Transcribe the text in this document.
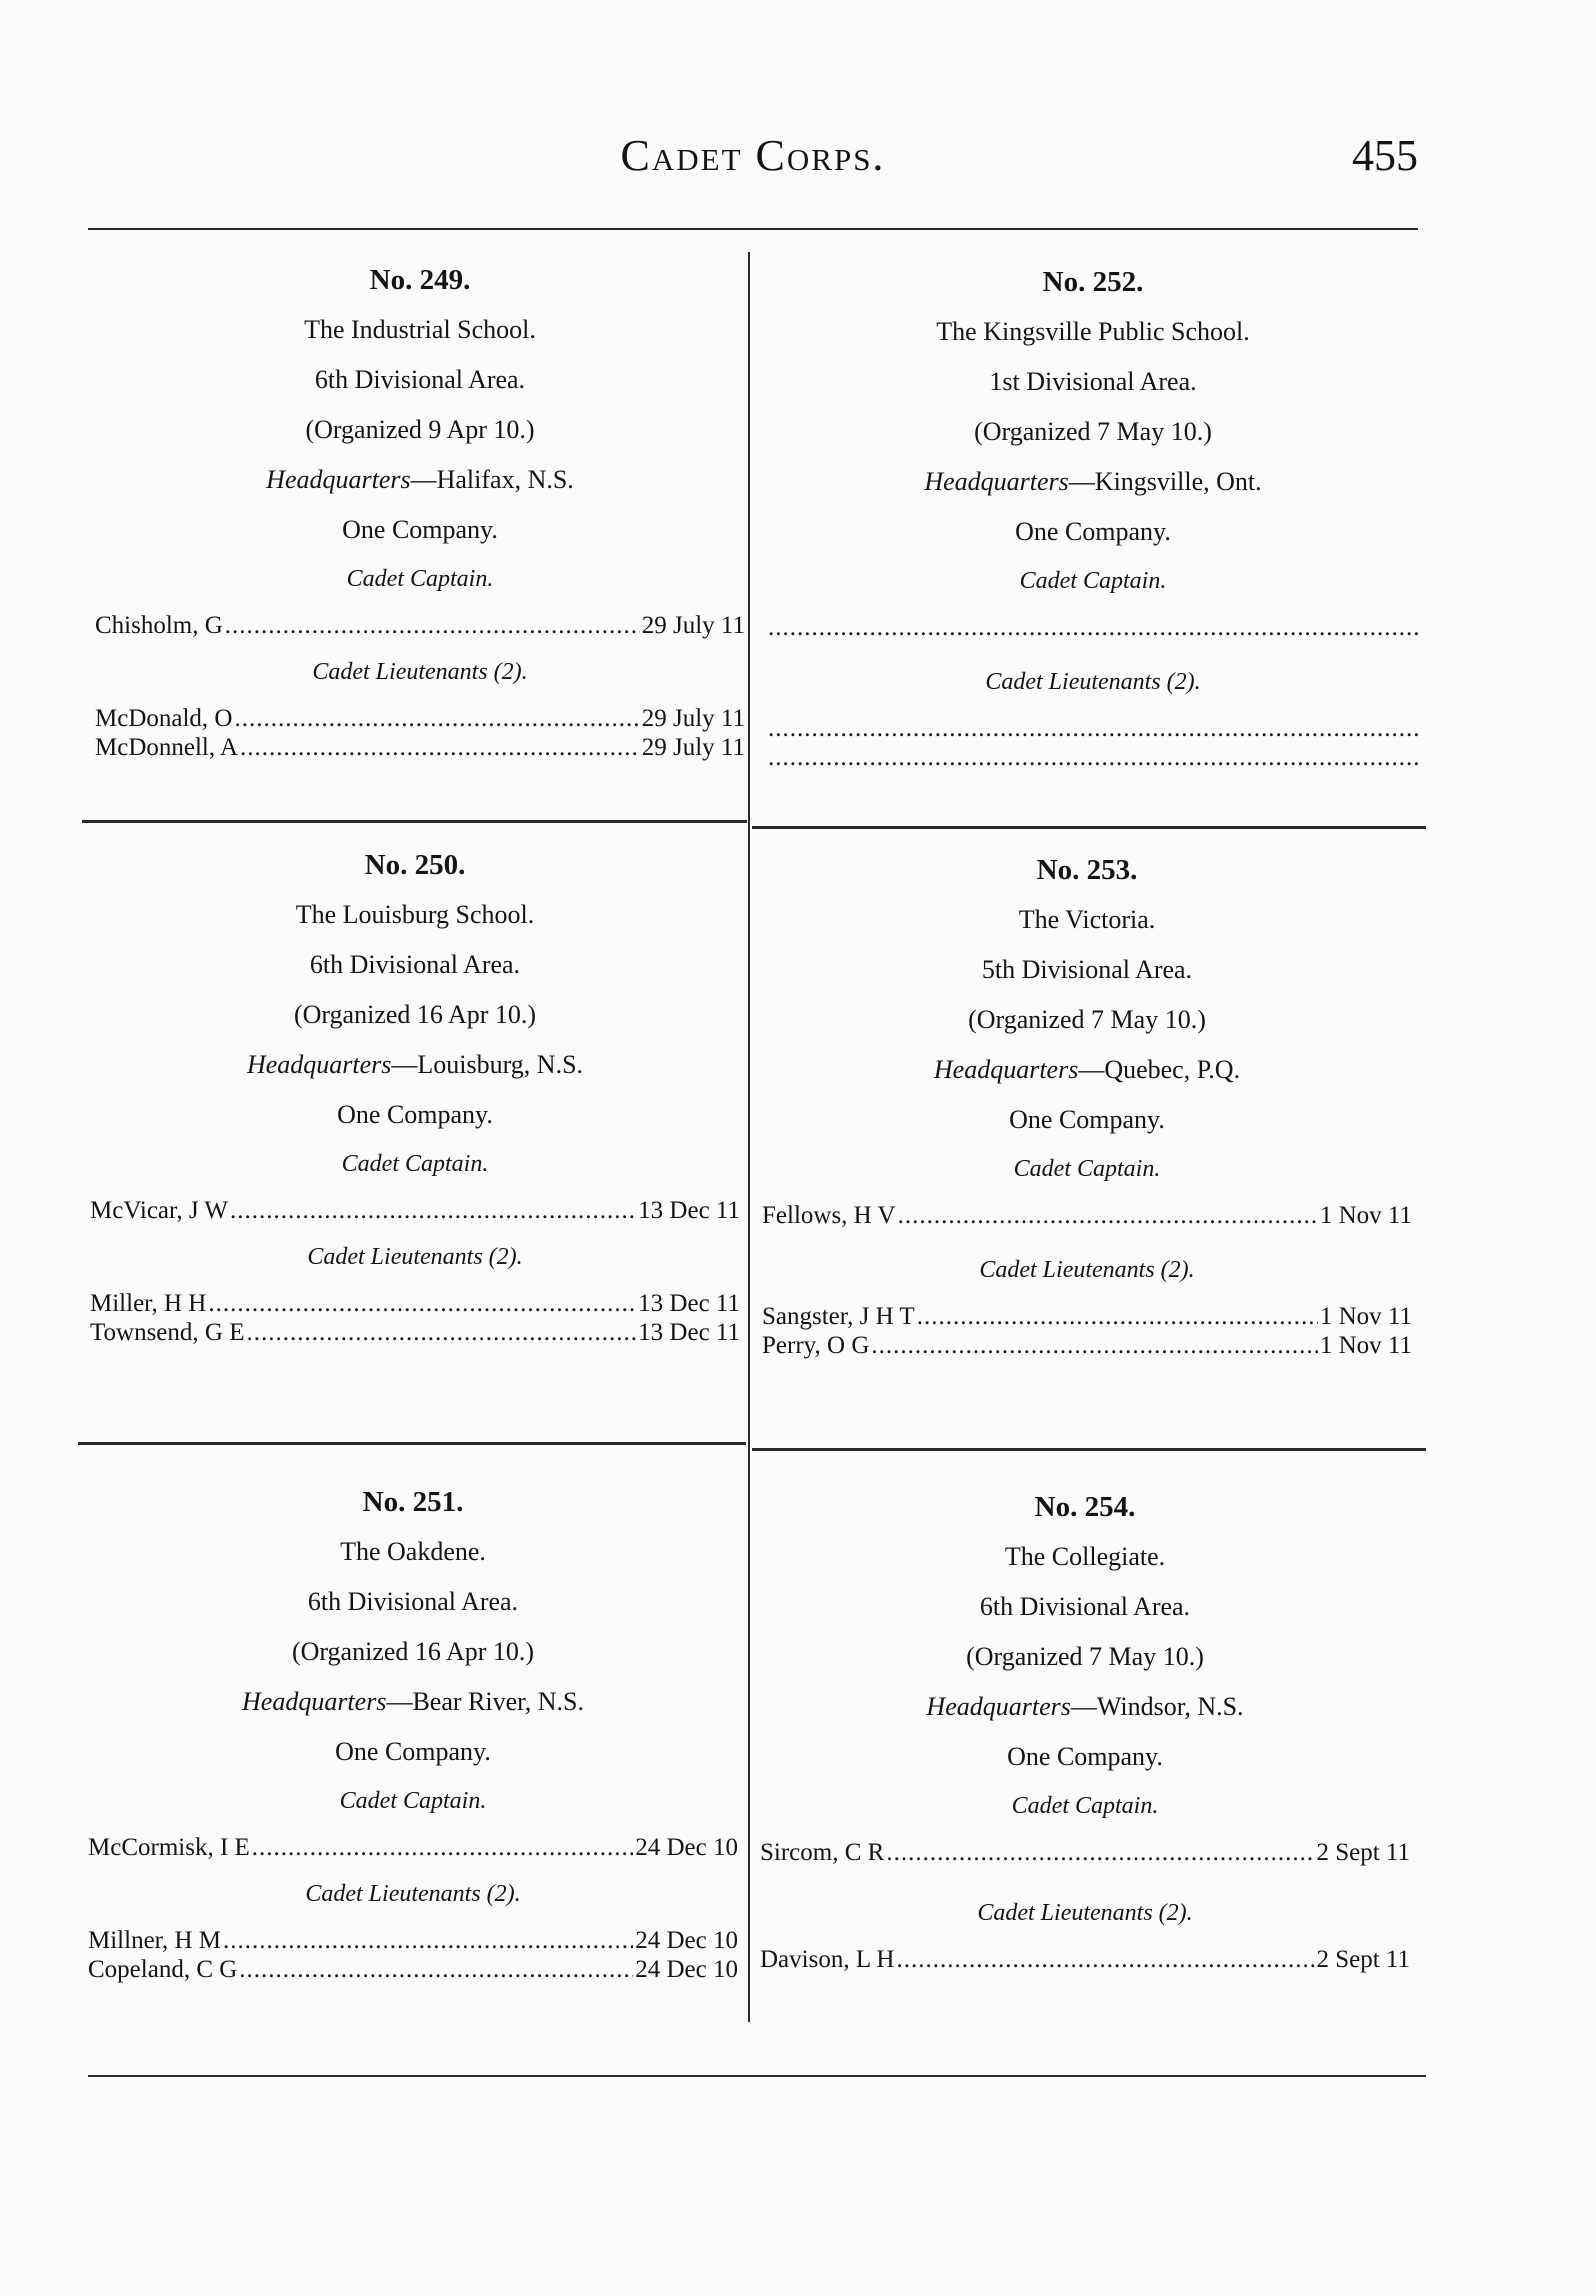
Cadet Corps.	455
No. 249.
The Industrial School.
6th Divisional Area.
(Organized 9 Apr 10.)
Headquarters—Halifax, N.S.
One Company.
Cadet Captain.
Chisholm, G .....	29 July 11
Cadet Lieutenants (2).
McDonald, O .....	29 July 11
McDonnell, A .....	29 July 11
No. 252.
The Kingsville Public School.
1st Divisional Area.
(Organized 7 May 10.)
Headquarters—Kingsville, Ont.
One Company.
Cadet Captain.
.....
Cadet Lieutenants (2).
.....
.....
No. 250.
The Louisburg School.
6th Divisional Area.
(Organized 16 Apr 10.)
Headquarters—Louisburg, N.S.
One Company.
Cadet Captain.
McVicar, J W .....	13 Dec 11
Cadet Lieutenants (2).
Miller, H H .....	13 Dec 11
Townsend, G E .....	13 Dec 11
No. 253.
The Victoria.
5th Divisional Area.
(Organized 7 May 10.)
Headquarters—Quebec, P.Q.
One Company.
Cadet Captain.
Fellows, H V .....	1 Nov 11
Cadet Lieutenants (2).
Sangster, J H T .....	1 Nov 11
Perry, O G .....	1 Nov 11
No. 251.
The Oakdene.
6th Divisional Area.
(Organized 16 Apr 10.)
Headquarters—Bear River, N.S.
One Company.
Cadet Captain.
McCormisk, I E .....	24 Dec 10
Cadet Lieutenants (2).
Millner, H M .....	24 Dec 10
Copeland, C G .....	24 Dec 10
No. 254.
The Collegiate.
6th Divisional Area.
(Organized 7 May 10.)
Headquarters—Windsor, N.S.
One Company.
Cadet Captain.
Sircom, C R .....	2 Sept 11
Cadet Lieutenants (2).
Davison, L H .....	2 Sept 11
